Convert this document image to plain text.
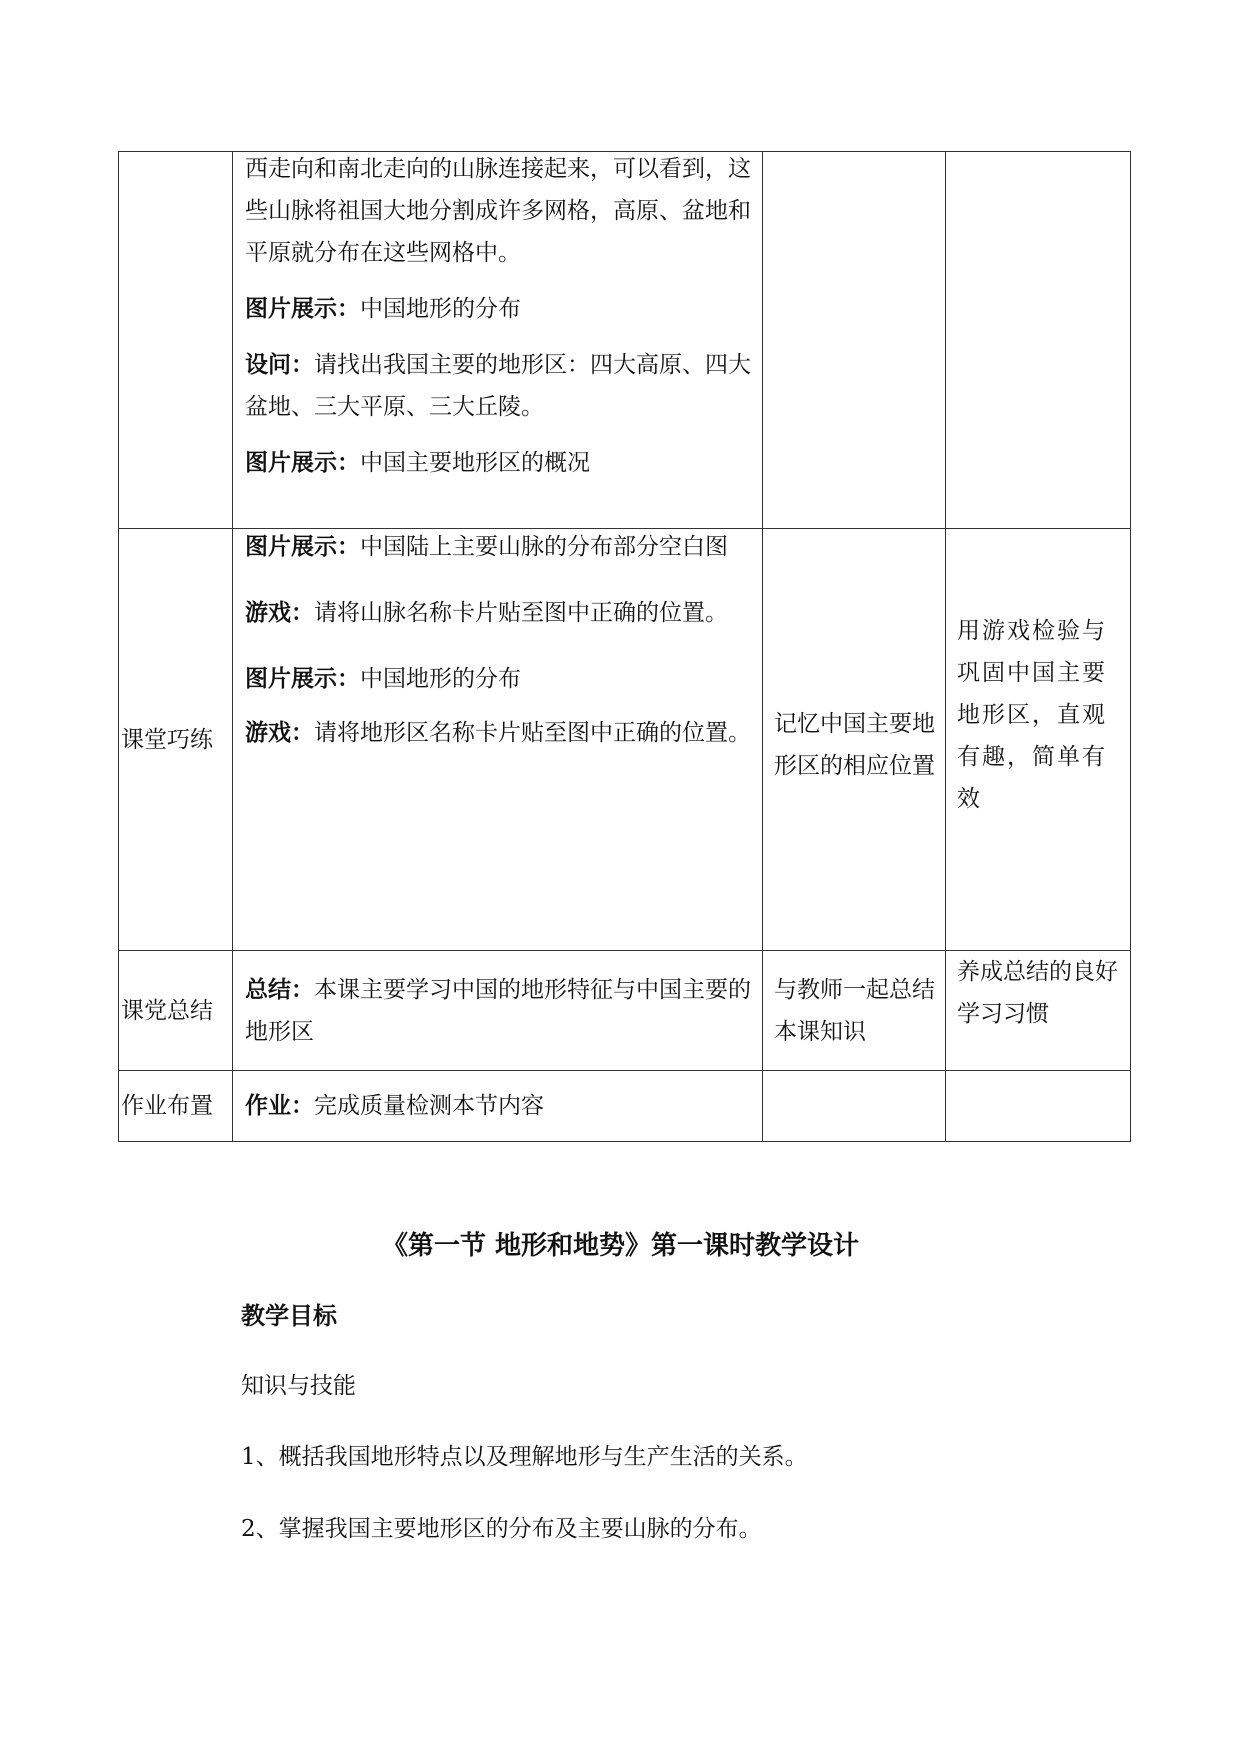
	西走向和南北走向的山脉连接起来，可以看到，这些山脉将祖国大地分割成许多网格，高原、盆地和平原就分布在这些网格中。

图片展示：中国地形的分布

设问：请找出我国主要的地形区：四大高原、四大盆地、三大平原、三大丘陵。

图片展示：中国主要地形区的概况		

课堂巧练	图片展示：中国陆上主要山脉的分布部分空白图

游戏：请将山脉名称卡片贴至图中正确的位置。

图片展示：中国地形的分布

游戏：请将地形区名称卡片贴至图中正确的位置。	记忆中国主要地形区的相应位置	用游戏检验与巩固中国主要地形区，直观有趣，简单有效

课党总结	总结：本课主要学习中国的地形特征与中国主要的地形区	与教师一起总结本课知识	养成总结的良好学习习惯

作业布置	作业：完成质量检测本节内容		

《第一节 地形和地势》第一课时教学设计
教学目标
知识与技能
1、概括我国地形特点以及理解地形与生产生活的关系。
2、掌握我国主要地形区的分布及主要山脉的分布。
